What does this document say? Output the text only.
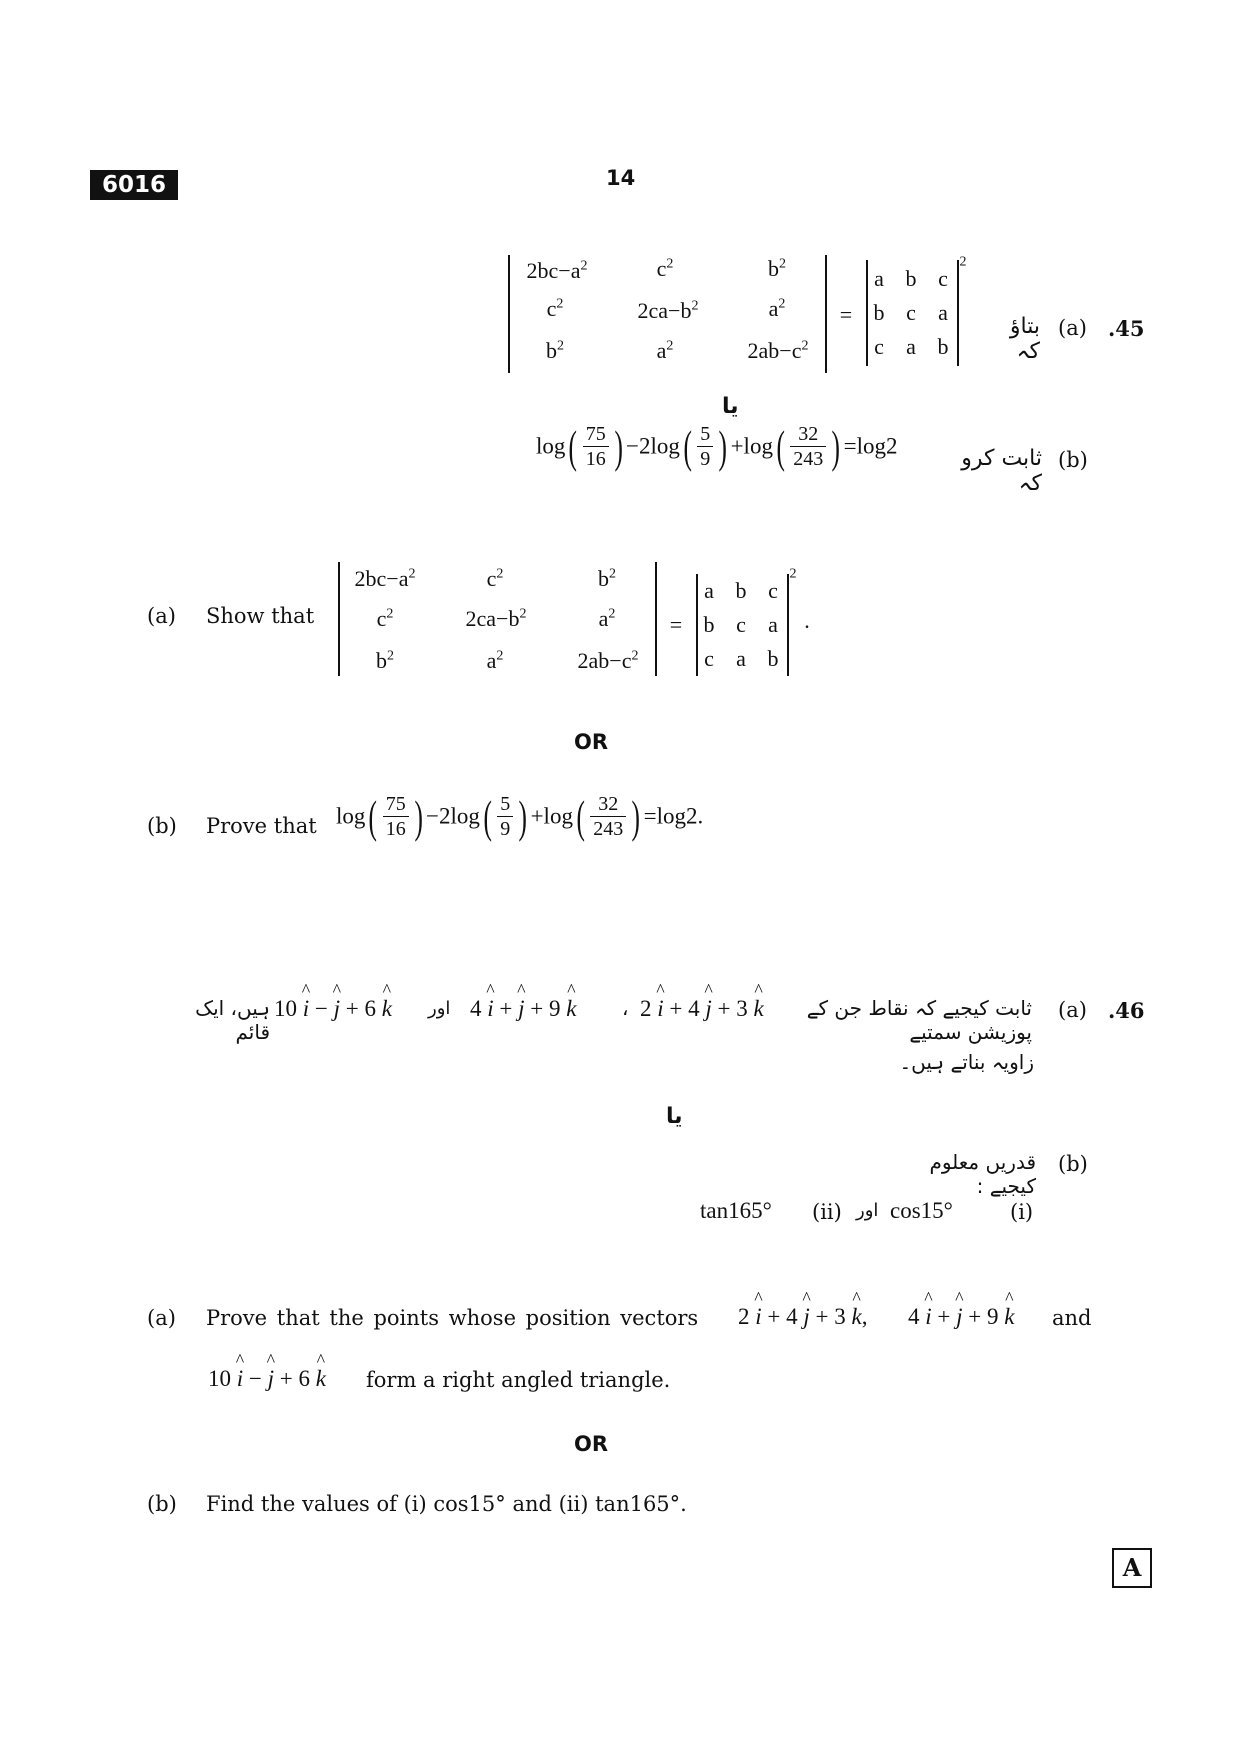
6016	14
$2bc-a^2$	$c^2$	$b^2$
$c^2$	$2ca-b^2$	$a^2$
$b^2$	$a^2$	$2ab-c^2$
=
a b c
b c a
c a b
$^2$
بتاؤ کہ
(a) .45
یا
$\log( \frac{75}{16}$ ) $-2\log( \frac{5}{9}$ ) $+\log( \frac{32}{243}$ ) =log2	ثابت کرو کہ
(b)
(a) Show that
$2bc-a^2$	$c^2$	$b^2$
$c^2$	$2ca-b^2$	$a^2$
$b^2$	$a^2$	$2ab-c^2$
=
a b c
b c a
c a b
$^2$
.
OR
(b) Prove that $\log( \frac{75}{16}$ ) $-2\log( \frac{5}{9}$ ) $+\log( \frac{32}{243}$ ) =log2.
.46
(a)
ثابت کیجیے کہ نقاط جن کے پوزیشن سمتیے
2 ^ i + 4 ^ j + 3 ^ k
،
4 ^ i + ^ j + 9 ^ k
اور
10 ^ i − ^ j + 6 ^ k
ہیں، ایک قائم
زاویہ بناتے ہیں۔
یا
قدریں معلوم کیجیے :
(b)
(i)
cos15°
اور
(ii)
tan165°
(a) Prove that the points whose position vectors 2 ^ i + 4 ^ j + 3 ^ k, 4 ^ i + ^ j + 9 ^ k and
10 ^ i − ^ j + 6 ^ k form a right angled triangle.
OR
(b) Find the values of (i) cos15° and (ii) tan165°.
A
